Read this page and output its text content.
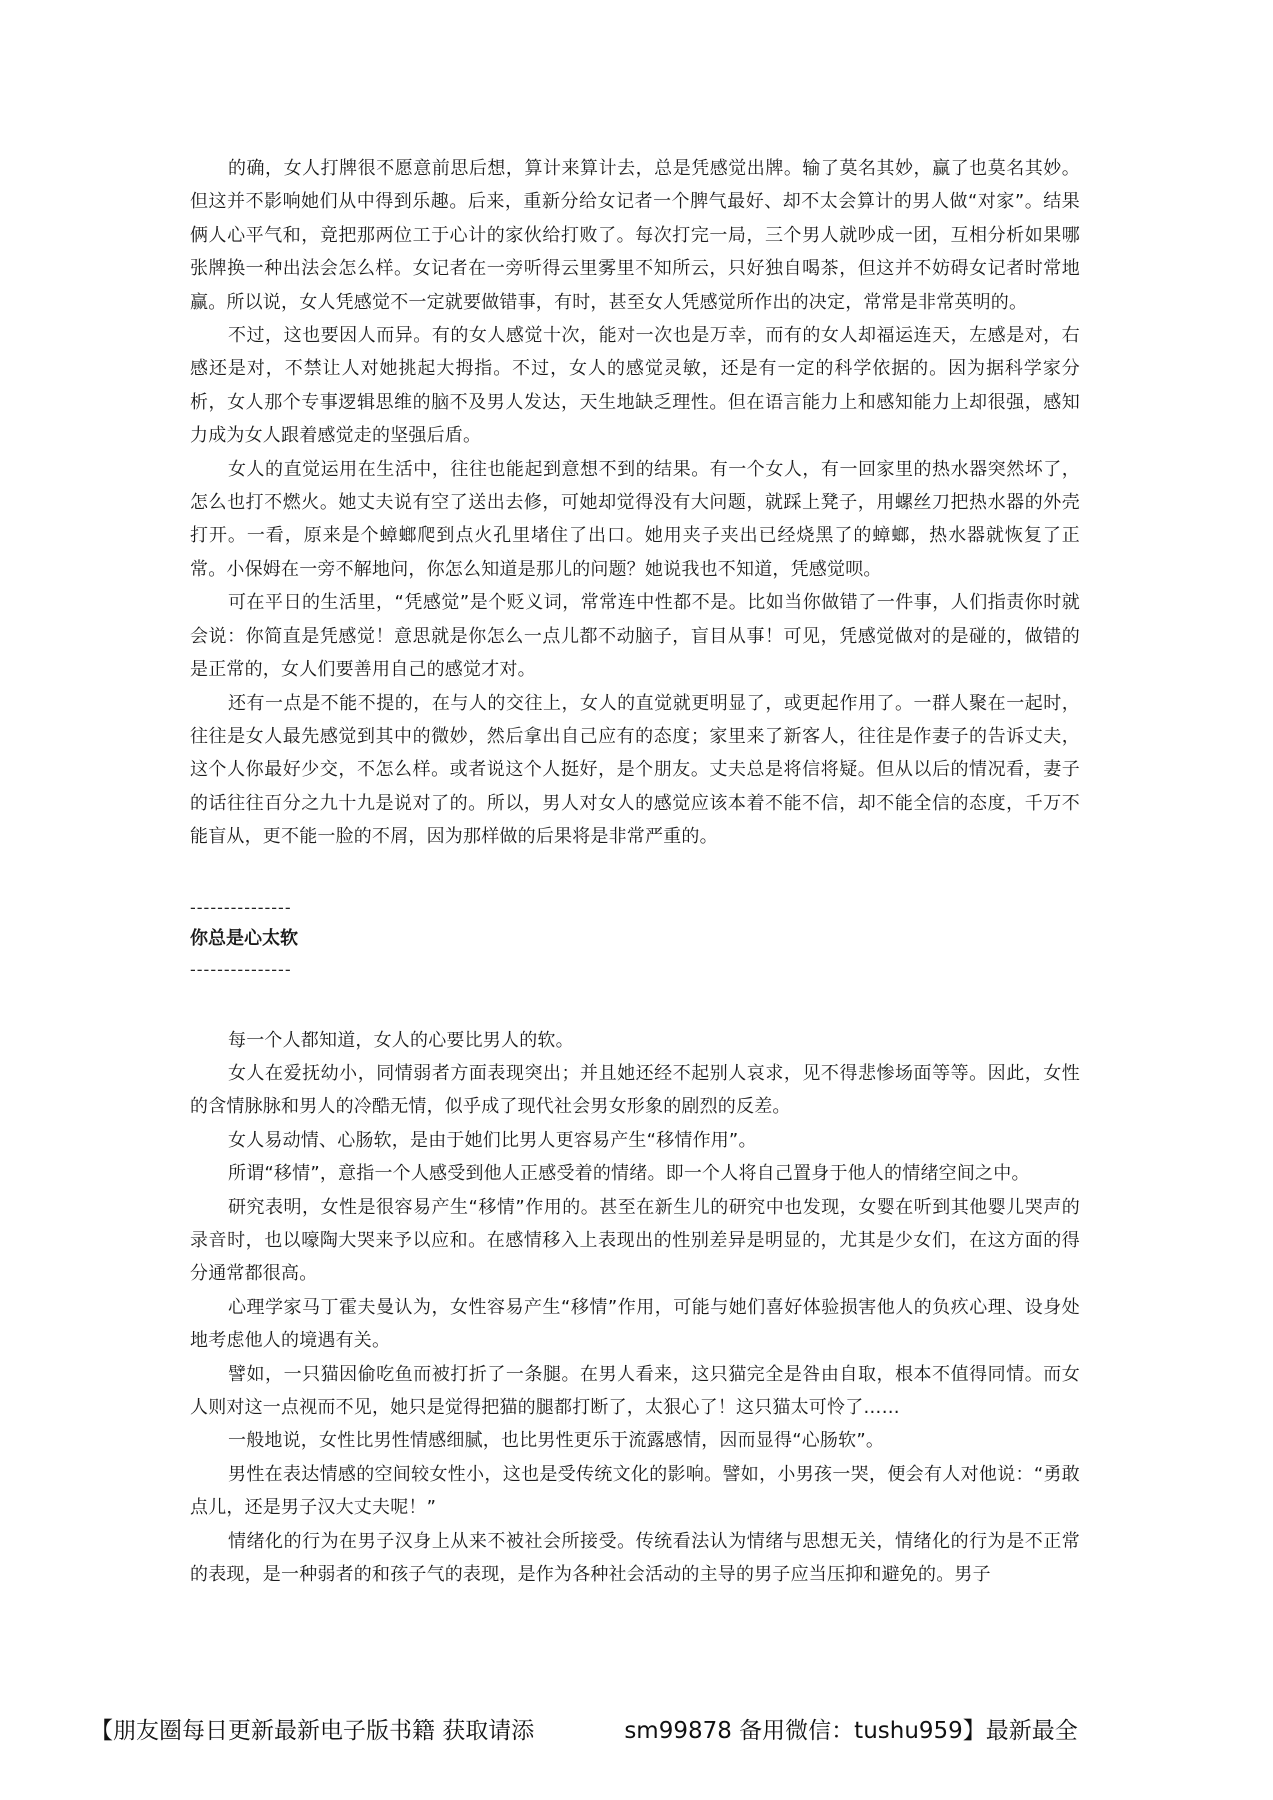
的确，女人打牌很不愿意前思后想，算计来算计去，总是凭感觉出牌。输了莫名其妙，赢了也莫名其妙。但这并不影响她们从中得到乐趣。后来，重新分给女记者一个脾气最好、却不太会算计的男人做“对家”。结果俩人心平气和，竟把那两位工于心计的家伙给打败了。每次打完一局，三个男人就吵成一团，互相分析如果哪张牌换一种出法会怎么样。女记者在一旁听得云里雾里不知所云，只好独自喝茶，但这并不妨碍女记者时常地赢。所以说，女人凭感觉不一定就要做错事，有时，甚至女人凭感觉所作出的决定，常常是非常英明的。

不过，这也要因人而异。有的女人感觉十次，能对一次也是万幸，而有的女人却福运连天，左感是对，右感还是对，不禁让人对她挑起大拇指。不过，女人的感觉灵敏，还是有一定的科学依据的。因为据科学家分析，女人那个专事逻辑思维的脑不及男人发达，天生地缺乏理性。但在语言能力上和感知能力上却很强，感知力成为女人跟着感觉走的坚强后盾。

女人的直觉运用在生活中，往往也能起到意想不到的结果。有一个女人，有一回家里的热水器突然坏了，怎么也打不燃火。她丈夫说有空了送出去修，可她却觉得没有大问题，就踩上凳子，用螺丝刀把热水器的外壳打开。一看，原来是个蟑螂爬到点火孔里堵住了出口。她用夹子夹出已经烧黑了的蟑螂，热水器就恢复了正常。小保姆在一旁不解地问，你怎么知道是那儿的问题？她说我也不知道，凭感觉呗。

可在平日的生活里，“凭感觉”是个贬义词，常常连中性都不是。比如当你做错了一件事，人们指责你时就会说：你简直是凭感觉！意思就是你怎么一点儿都不动脑子，盲目从事！可见，凭感觉做对的是碰的，做错的是正常的，女人们要善用自己的感觉才对。

还有一点是不能不提的，在与人的交往上，女人的直觉就更明显了，或更起作用了。一群人聚在一起时，往往是女人最先感觉到其中的微妙，然后拿出自己应有的态度；家里来了新客人，往往是作妻子的告诉丈夫，这个人你最好少交，不怎么样。或者说这个人挺好，是个朋友。丈夫总是将信将疑。但从以后的情况看，妻子的话往往百分之九十九是说对了的。所以，男人对女人的感觉应该本着不能不信，却不能全信的态度，千万不能盲从，更不能一脸的不屑，因为那样做的后果将是非常严重的。

---------------

你总是心太软

---------------

每一个人都知道，女人的心要比男人的软。

女人在爱抚幼小，同情弱者方面表现突出；并且她还经不起别人哀求，见不得悲惨场面等等。因此，女性的含情脉脉和男人的冷酷无情，似乎成了现代社会男女形象的剧烈的反差。

女人易动情、心肠软，是由于她们比男人更容易产生“移情作用”。

所谓“移情”，意指一个人感受到他人正感受着的情绪。即一个人将自己置身于他人的情绪空间之中。

研究表明，女性是很容易产生“移情”作用的。甚至在新生儿的研究中也发现，女婴在听到其他婴儿哭声的录音时，也以嚎陶大哭来予以应和。在感情移入上表现出的性别差异是明显的，尤其是少女们，在这方面的得分通常都很高。

心理学家马丁霍夫曼认为，女性容易产生“移情”作用，可能与她们喜好体验损害他人的负疚心理、设身处地考虑他人的境遇有关。

譬如，一只猫因偷吃鱼而被打折了一条腿。在男人看来，这只猫完全是咎由自取，根本不值得同情。而女人则对这一点视而不见，她只是觉得把猫的腿都打断了，太狠心了！这只猫太可怜了……

一般地说，女性比男性情感细腻，也比男性更乐于流露感情，因而显得“心肠软”。

男性在表达情感的空间较女性小，这也是受传统文化的影响。譬如，小男孩一哭，便会有人对他说：“勇敢点儿，还是男子汉大丈夫呢！”

情绪化的行为在男子汉身上从来不被社会所接受。传统看法认为情绪与思想无关，情绪化的行为是不正常的表现，是一种弱者的和孩子气的表现，是作为各种社会活动的主导的男子应当压抑和避免的。男子

【朋友圈每日更新最新电子版书籍 获取请添	sm99878 备用微信：tushu959】最新最全
